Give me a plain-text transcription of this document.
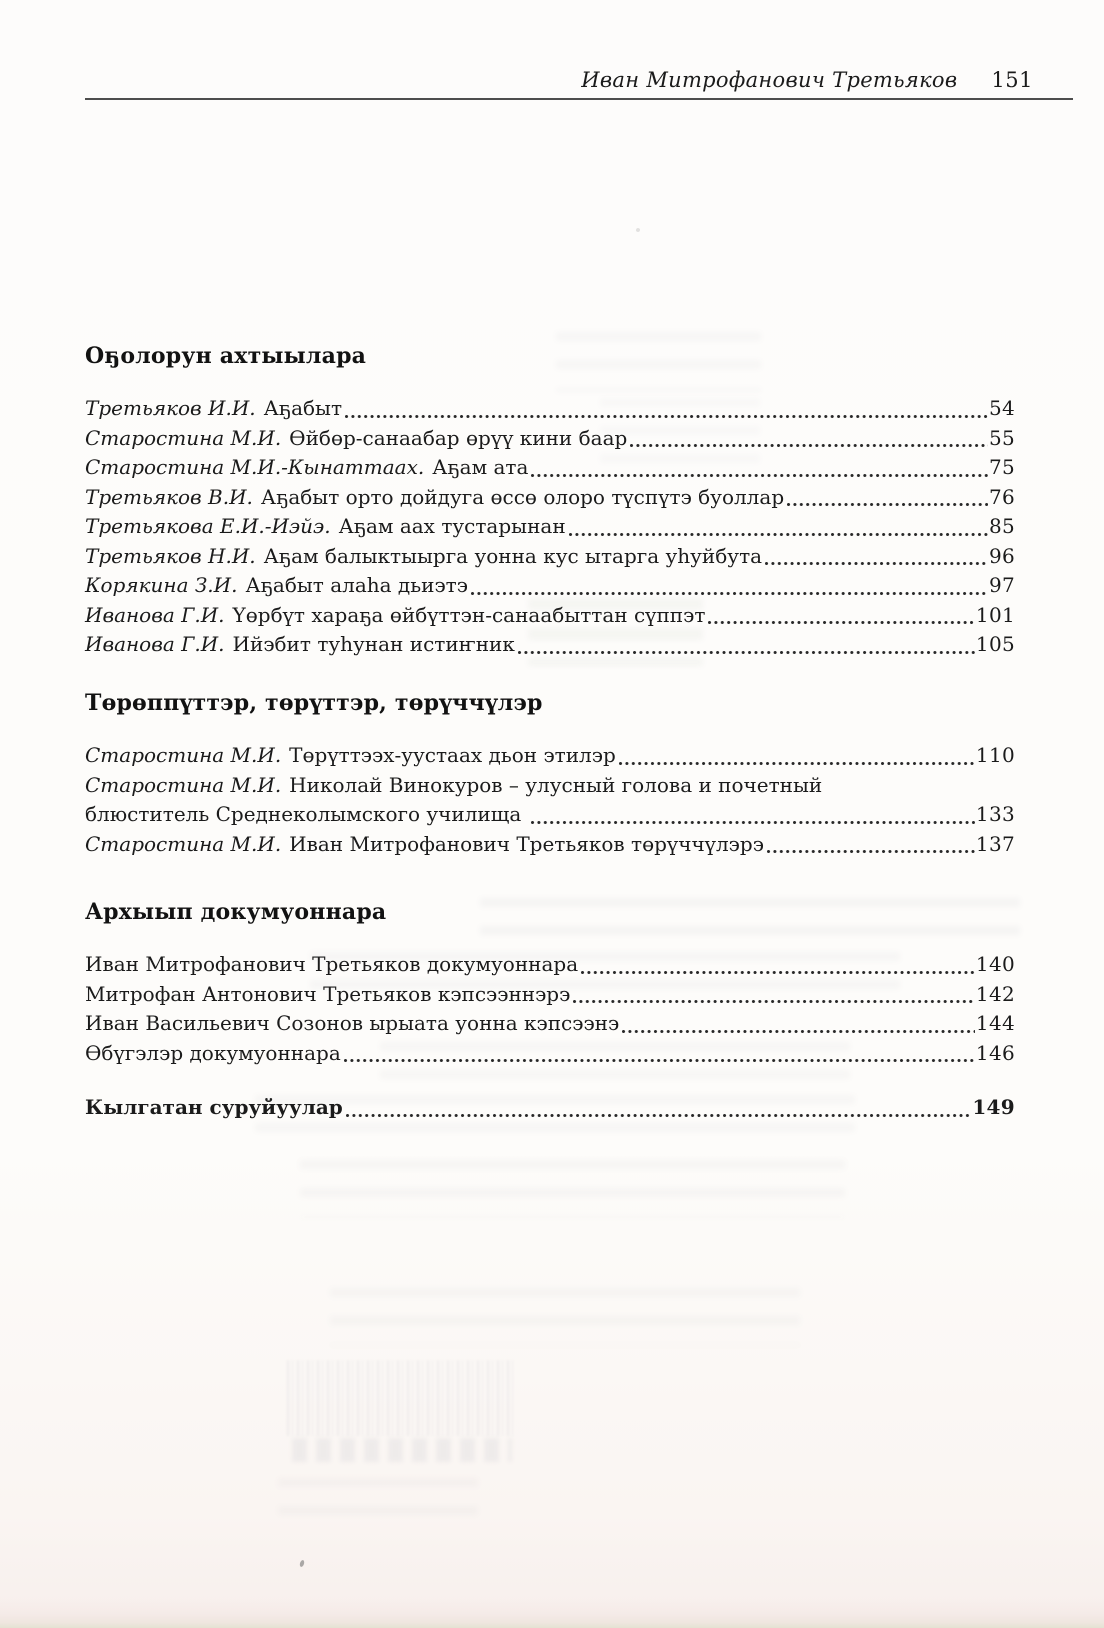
Иван Митрофанович Третьяков 151
Оҕолорун ахтыылара
Третьяков И.И. Аҕабыт	54
Старостина М.И. Өйбөр-санаабар өрүү кини баар	55
Старостина М.И.-Кынаттаах. Аҕам ата	75
Третьяков В.И. Аҕабыт орто дойдуга өссө олоро түспүтэ буоллар	76
Третьякова Е.И.-Иэйэ. Аҕам аах тустарынан	85
Третьяков Н.И. Аҕам балыктыырга уонна кус ытарга уһуйбута	96
Корякина З.И. Аҕабыт алаһа дьиэтэ	97
Иванова Г.И. Үөрбүт хараҕа өйбүттэн-санаабыттан сүппэт	101
Иванова Г.И. Ийэбит туһунан истиҥник	105
Төрөппүттэр, төрүттэр, төрүччүлэр
Старостина М.И. Төрүттээх-уустаах дьон этилэр	110
Старостина М.И. Николай Винокуров – улусный голова и почетный
блюститель Среднеколымского училища	133
Старостина М.И. Иван Митрофанович Третьяков төрүччүлэрэ	137
Архыып докумуоннара
Иван Митрофанович Третьяков докумуоннара	140
Митрофан Антонович Третьяков кэпсээннэрэ	142
Иван Васильевич Созонов ырыата уонна кэпсээнэ	144
Өбүгэлэр докумуоннара	146
Кылгатан суруйуулар	149
